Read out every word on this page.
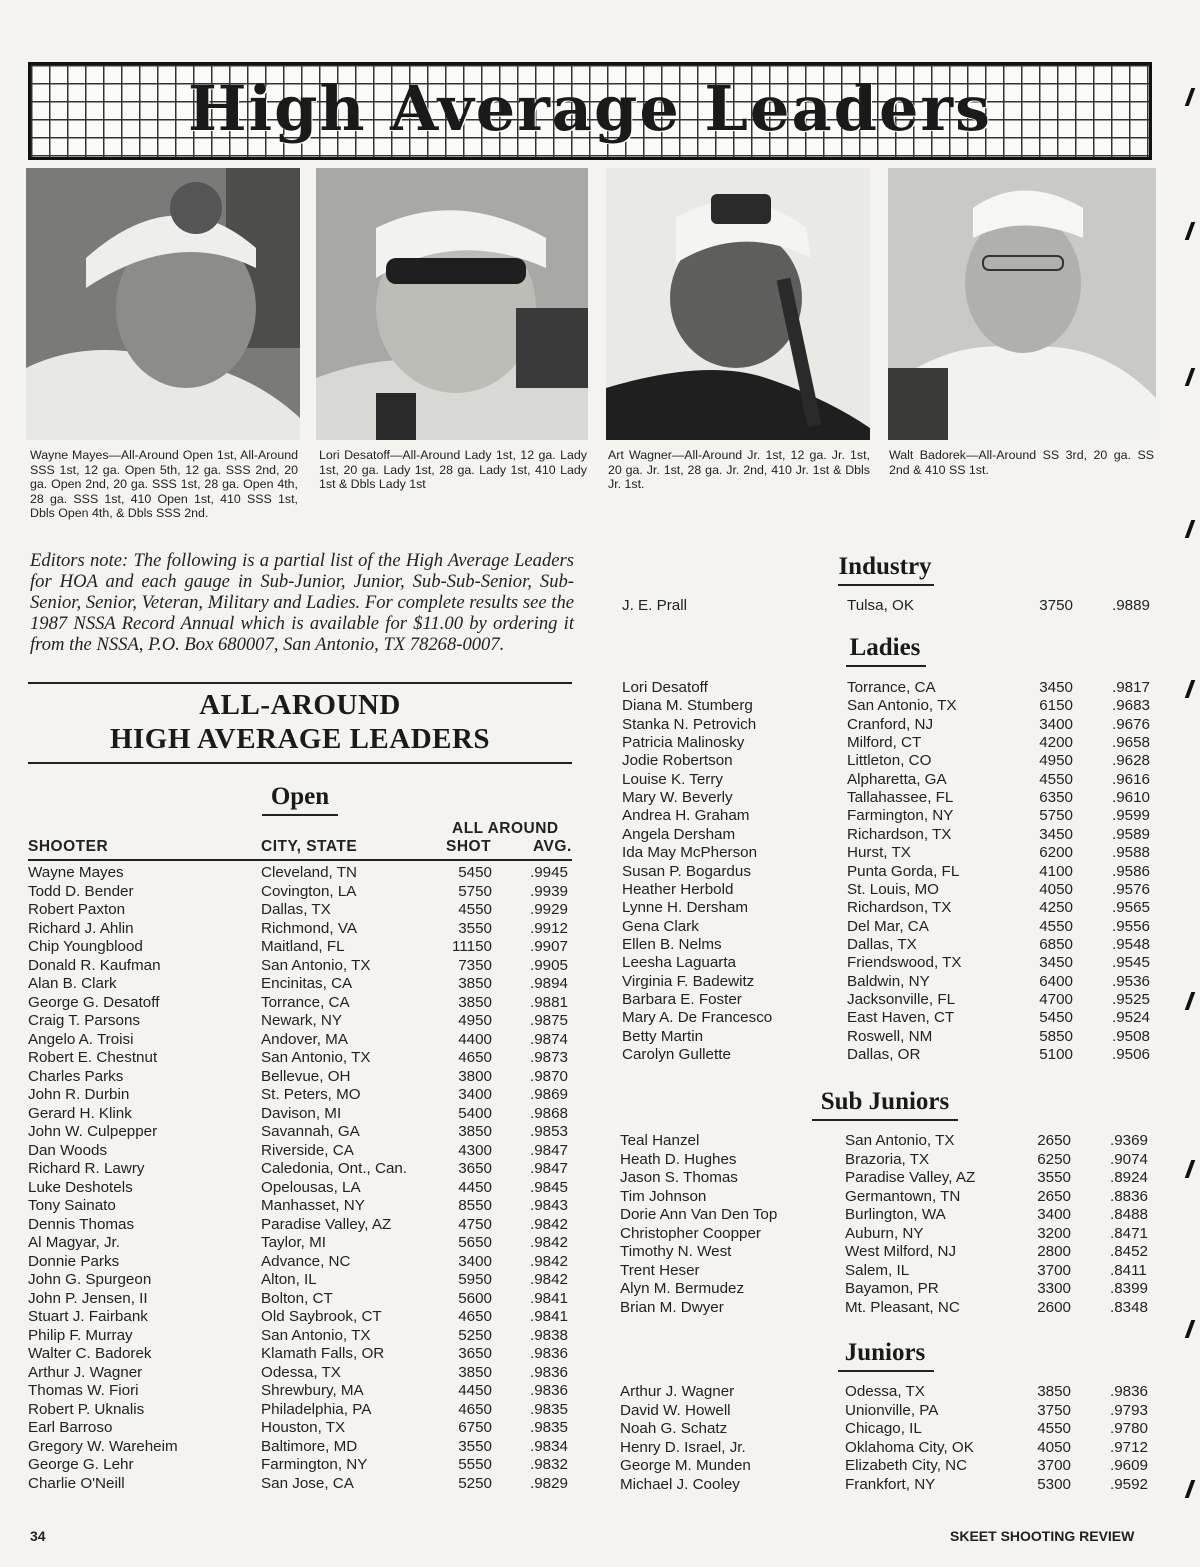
High Average Leaders
Wayne Mayes—All-Around Open 1st, All-Around SSS 1st, 12 ga. Open 5th, 12 ga. SSS 2nd, 20 ga. Open 2nd, 20 ga. SSS 1st, 28 ga. Open 4th, 28 ga. SSS 1st, 410 Open 1st, 410 SSS 1st, Dbls Open 4th, & Dbls SSS 2nd.
Lori Desatoff—All-Around Lady 1st, 12 ga. Lady 1st, 20 ga. Lady 1st, 28 ga. Lady 1st, 410 Lady 1st & Dbls Lady 1st
Art Wagner—All-Around Jr. 1st, 12 ga. Jr. 1st, 20 ga. Jr. 1st, 28 ga. Jr. 2nd, 410 Jr. 1st & Dbls Jr. 1st.
Walt Badorek—All-Around SS 3rd, 20 ga. SS 2nd & 410 SS 1st.
Editors note: The following is a partial list of the High Average Leaders for HOA and each gauge in Sub-Junior, Junior, Sub-Sub-Senior, Sub-Senior, Senior, Veteran, Military and Ladies. For complete results see the 1987 NSSA Record Annual which is available for $11.00 by ordering it from the NSSA, P.O. Box 680007, San Antonio, TX 78268-0007.
ALL-AROUND
HIGH AVERAGE LEADERS
Open
ALL AROUND
SHOOTER	CITY, STATE	SHOT	AVG.
Wayne Mayes	Cleveland, TN	5450	.9945
Todd D. Bender	Covington, LA	5750	.9939
Robert Paxton	Dallas, TX	4550	.9929
Richard J. Ahlin	Richmond, VA	3550	.9912
Chip Youngblood	Maitland, FL	11150	.9907
Donald R. Kaufman	San Antonio, TX	7350	.9905
Alan B. Clark	Encinitas, CA	3850	.9894
George G. Desatoff	Torrance, CA	3850	.9881
Craig T. Parsons	Newark, NY	4950	.9875
Angelo A. Troisi	Andover, MA	4400	.9874
Robert E. Chestnut	San Antonio, TX	4650	.9873
Charles Parks	Bellevue, OH	3800	.9870
John R. Durbin	St. Peters, MO	3400	.9869
Gerard H. Klink	Davison, MI	5400	.9868
John W. Culpepper	Savannah, GA	3850	.9853
Dan Woods	Riverside, CA	4300	.9847
Richard R. Lawry	Caledonia, Ont., Can.	3650	.9847
Luke Deshotels	Opelousas, LA	4450	.9845
Tony Sainato	Manhasset, NY	8550	.9843
Dennis Thomas	Paradise Valley, AZ	4750	.9842
Al Magyar, Jr.	Taylor, MI	5650	.9842
Donnie Parks	Advance, NC	3400	.9842
John G. Spurgeon	Alton, IL	5950	.9842
John P. Jensen, II	Bolton, CT	5600	.9841
Stuart J. Fairbank	Old Saybrook, CT	4650	.9841
Philip F. Murray	San Antonio, TX	5250	.9838
Walter C. Badorek	Klamath Falls, OR	3650	.9836
Arthur J. Wagner	Odessa, TX	3850	.9836
Thomas W. Fiori	Shrewbury, MA	4450	.9836
Robert P. Uknalis	Philadelphia, PA	4650	.9835
Earl Barroso	Houston, TX	6750	.9835
Gregory W. Wareheim	Baltimore, MD	3550	.9834
George G. Lehr	Farmington, NY	5550	.9832
Charlie O'Neill	San Jose, CA	5250	.9829
Industry
J. E. Prall	Tulsa, OK	3750	.9889
Ladies
Lori Desatoff	Torrance, CA	3450	.9817
Diana M. Stumberg	San Antonio, TX	6150	.9683
Stanka N. Petrovich	Cranford, NJ	3400	.9676
Patricia Malinosky	Milford, CT	4200	.9658
Jodie Robertson	Littleton, CO	4950	.9628
Louise K. Terry	Alpharetta, GA	4550	.9616
Mary W. Beverly	Tallahassee, FL	6350	.9610
Andrea H. Graham	Farmington, NY	5750	.9599
Angela Dersham	Richardson, TX	3450	.9589
Ida May McPherson	Hurst, TX	6200	.9588
Susan P. Bogardus	Punta Gorda, FL	4100	.9586
Heather Herbold	St. Louis, MO	4050	.9576
Lynne H. Dersham	Richardson, TX	4250	.9565
Gena Clark	Del Mar, CA	4550	.9556
Ellen B. Nelms	Dallas, TX	6850	.9548
Leesha Laguarta	Friendswood, TX	3450	.9545
Virginia F. Badewitz	Baldwin, NY	6400	.9536
Barbara E. Foster	Jacksonville, FL	4700	.9525
Mary A. De Francesco	East Haven, CT	5450	.9524
Betty Martin	Roswell, NM	5850	.9508
Carolyn Gullette	Dallas, OR	5100	.9506
Sub Juniors
Teal Hanzel	San Antonio, TX	2650	.9369
Heath D. Hughes	Brazoria, TX	6250	.9074
Jason S. Thomas	Paradise Valley, AZ	3550	.8924
Tim Johnson	Germantown, TN	2650	.8836
Dorie Ann Van Den Top	Burlington, WA	3400	.8488
Christopher Coopper	Auburn, NY	3200	.8471
Timothy N. West	West Milford, NJ	2800	.8452
Trent Heser	Salem, IL	3700	.8411
Alyn M. Bermudez	Bayamon, PR	3300	.8399
Brian M. Dwyer	Mt. Pleasant, NC	2600	.8348
Juniors
Arthur J. Wagner	Odessa, TX	3850	.9836
David W. Howell	Unionville, PA	3750	.9793
Noah G. Schatz	Chicago, IL	4550	.9780
Henry D. Israel, Jr.	Oklahoma City, OK	4050	.9712
George M. Munden	Elizabeth City, NC	3700	.9609
Michael J. Cooley	Frankfort, NY	5300	.9592
34	SKEET SHOOTING REVIEW
